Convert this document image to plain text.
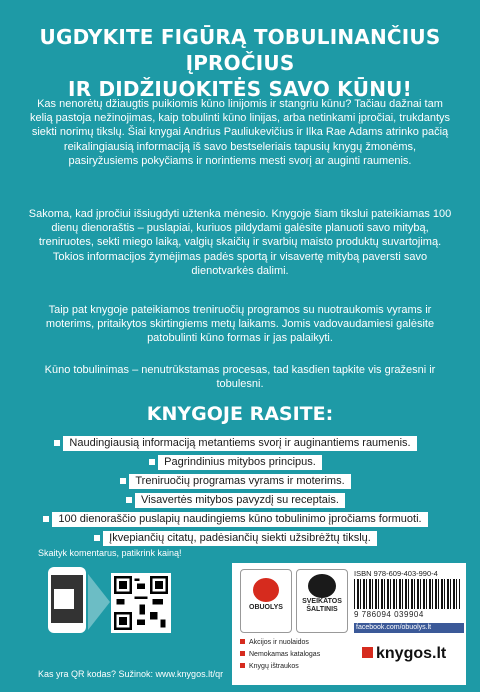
UGDYKITE FIGŪRĄ TOBULINANČIUS ĮPROČIUS
IR DIDŽIUOKITĖS SAVO KŪNU!
Kas nenorėtų džiaugtis puikiomis kūno linijomis ir stangriu kūnu? Tačiau dažnai tam kelią pastoja nežinojimas, kaip tobulinti kūno linijas, arba netinkami įpročiai, trukdantys siekti norimų tikslų. Šiai knygai Andrius Pauliukevičius ir Ilka Rae Adams atrinko pačią reikalingiausią informaciją iš savo bestseleriais tapusių knygų žmonėms, pasiryžusiems pokyčiams ir norintiems mesti svorį ar auginti raumenis.
Sakoma, kad įpročiui išsiugdyti užtenka mėnesio. Knygoje šiam tikslui pateikiamas 100 dienų dienoraštis – puslapiai, kuriuos pildydami galėsite planuoti savo mitybą, treniruotes, sekti miego laiką, valgių skaičių ir svarbių maisto produktų suvartojimą. Tokios informacijos žymėjimas padės sportą ir visavertę mitybą paversti savo dienotvarkės dalimi.
Taip pat knygoje pateikiamos treniruočių programos su nuotraukomis vyrams ir moterims, pritaikytos skirtingiems metų laikams. Jomis vadovaudamiesi galėsite patobulinti kūno formas ir jas palaikyti.
Kūno tobulinimas – nenutrūkstamas procesas, tad kasdien tapkite vis gražesni ir tobulesni.
KNYGOJE RASITE:
Naudingiausią informaciją metantiems svorį ir auginantiems raumenis.
Pagrindinius mitybos principus.
Treniruočių programas vyrams ir moterims.
Visavertės mitybos pavyzdį su receptais.
100 dienoraščio puslapių naudingiems kūno tobulinimo įpročiams formuoti.
Įkvepiančių citatų, padėsiančių siekti užsibrėžtų tikslų.
Skaityk komentarus, patikrink kainą!
Kas yra QR kodas? Sužinok: www.knygos.lt/qr
OBUOLYS
SVEIKATOS ŠALTINIS
ISBN 978-609-403-990-4
9 786094 039904
facebook.com/obuolys.lt
Akcijos ir nuolaidos
Nemokamas katalogas
Knygų ištraukos
knygos.lt
